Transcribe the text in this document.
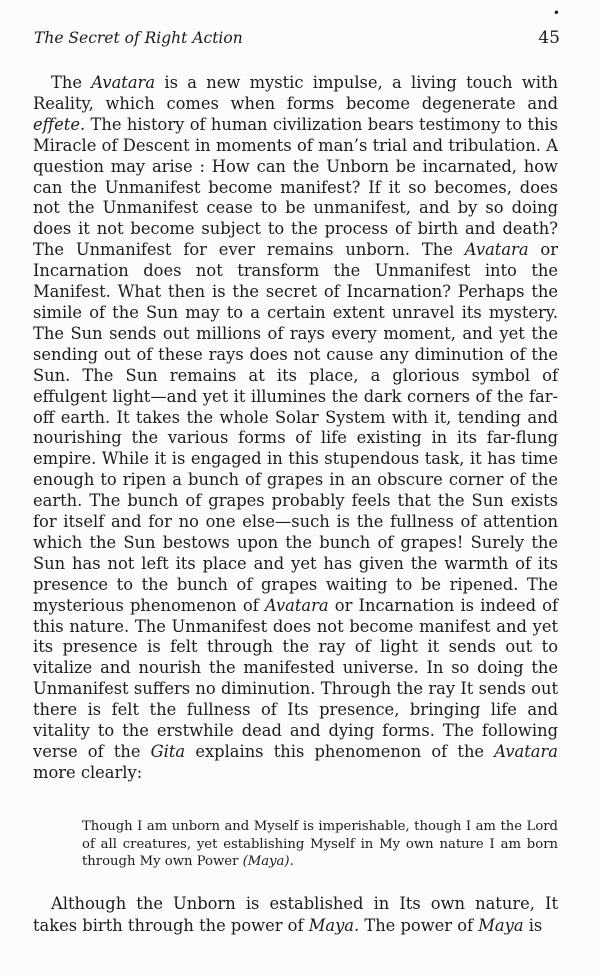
•
The Secret of Right Action	45

The Avatara is a new mystic impulse, a living touch with Reality, which comes when forms become degenerate and effete. The history of human civilization bears testimony to this Miracle of Descent in moments of man’s trial and tribulation. A question may arise : How can the Unborn be incarnated, how can the Unmanifest become manifest? If it so becomes, does not the Unmanifest cease to be unmanifest, and by so doing does it not become subject to the process of birth and death? The Unmanifest for ever remains unborn. The Avatara or Incarnation does not transform the Unmanifest into the Manifest. What then is the secret of Incarnation? Perhaps the simile of the Sun may to a certain extent unravel its mystery. The Sun sends out millions of rays every moment, and yet the sending out of these rays does not cause any diminution of the Sun. The Sun remains at its place, a glorious symbol of effulgent light—and yet it illumines the dark corners of the far-off earth. It takes the whole Solar System with it, tending and nourishing the various forms of life existing in its far-flung empire. While it is engaged in this stupendous task, it has time enough to ripen a bunch of grapes in an obscure corner of the earth. The bunch of grapes probably feels that the Sun exists for itself and for no one else—such is the fullness of attention which the Sun bestows upon the bunch of grapes! Surely the Sun has not left its place and yet has given the warmth of its presence to the bunch of grapes waiting to be ripened. The mysterious phenomenon of Avatara or Incarnation is indeed of this nature. The Unmanifest does not become manifest and yet its presence is felt through the ray of light it sends out to vitalize and nourish the manifested universe. In so doing the Unmanifest suffers no diminution. Through the ray It sends out there is felt the fullness of Its presence, bringing life and vitality to the erstwhile dead and dying forms. The following verse of the Gita explains this phenomenon of the Avatara more clearly:

Though I am unborn and Myself is imperishable, though I am the Lord of all creatures, yet establishing Myself in My own nature I am born through My own Power (Maya).

Although the Unborn is established in Its own nature, It takes birth through the power of Maya. The power of Maya is
